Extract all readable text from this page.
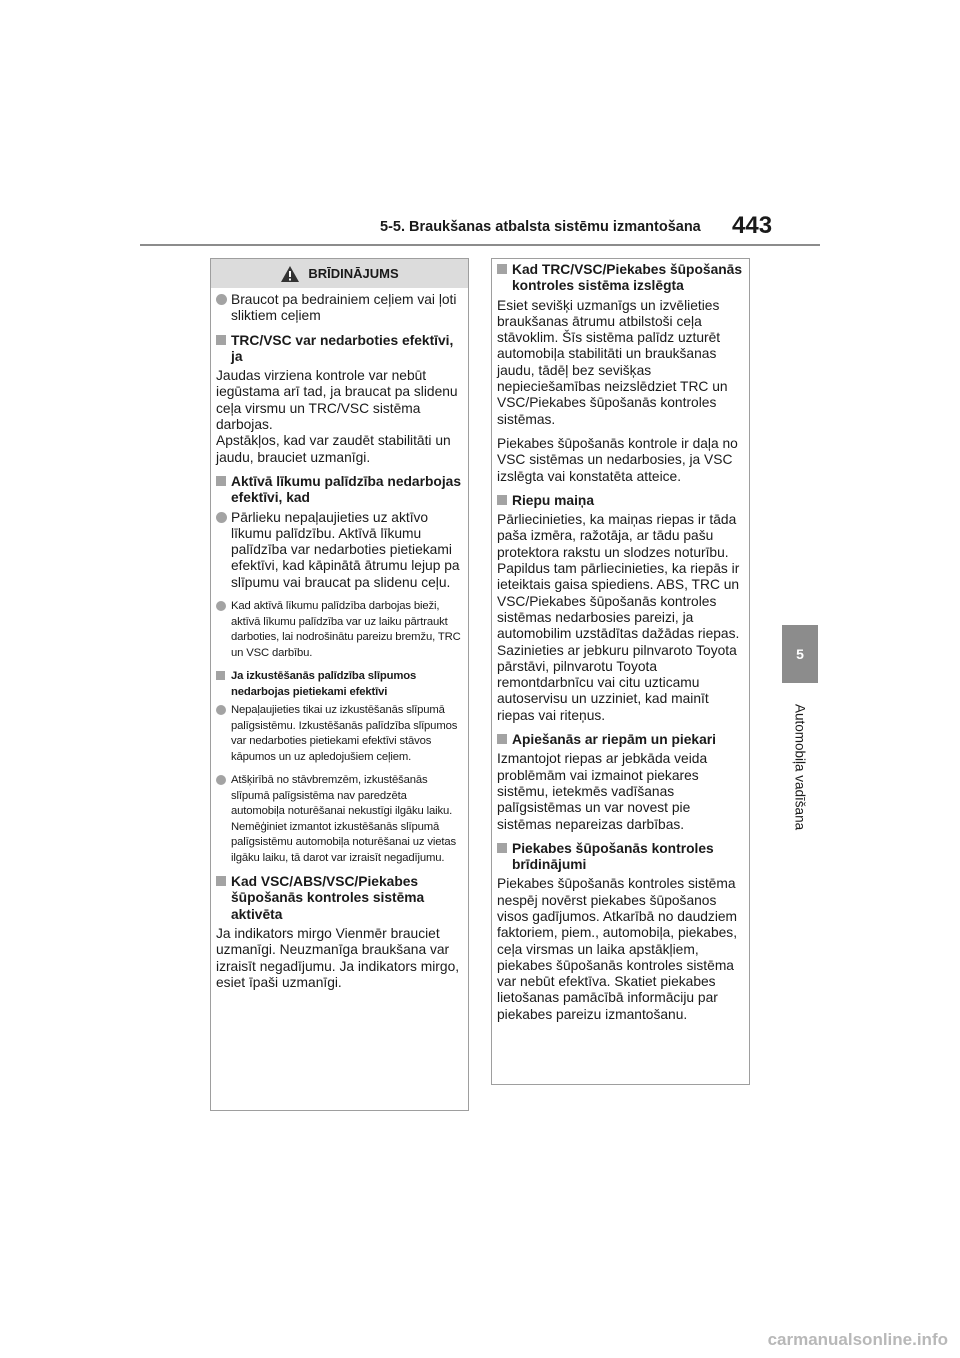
5-5. Braukšanas atbalsta sistēmu izmantošana 443
5
Automobiļa vadīšana
BRĪDINĀJUMS
Braucot pa bedrainiem ceļiem vai ļoti sliktiem ceļiem
TRC/VSC var nedarboties efektīvi, ja
Jaudas virziena kontrole var nebūt iegūstama arī tad, ja braucat pa slidenu ceļa virsmu un TRC/VSC sistēma darbojas.
Apstākļos, kad var zaudēt stabilitāti un jaudu, brauciet uzmanīgi.
Aktīvā līkumu palīdzība nedarbojas efektīvi, kad
Pārlieku nepaļaujieties uz aktīvo līkumu palīdzību. Aktīvā līkumu palīdzība var nedarboties pietiekami efektīvi, kad kāpinātā ātrumu lejup pa slīpumu vai braucat pa slidenu ceļu.
Kad aktīvā līkumu palīdzība darbojas bieži, aktīvā līkumu palīdzība var uz laiku pārtraukt darboties, lai nodrošinātu pareizu bremžu, TRC un VSC darbību.
Ja izkustēšanās palīdzība slīpumos nedarbojas pietiekami efektīvi
Nepaļaujieties tikai uz izkustēšanās slīpumā palīgsistēmu. Izkustēšanās palīdzība slīpumos var nedarboties pietiekami efektīvi stāvos kāpumos un uz apledojušiem ceļiem.
Atšķirībā no stāvbremzēm, izkustēšanās slīpumā palīgsistēma nav paredzēta automobiļa noturēšanai nekustīgi ilgāku laiku. Nemēģiniet izmantot izkustēšanās slīpumā palīgsistēmu automobiļa noturēšanai uz vietas ilgāku laiku, tā darot var izraisīt negadījumu.
Kad VSC/ABS/VSC/Piekabes šūpošanās kontroles sistēma aktivēta
Ja indikators mirgo Vienmēr brauciet uzmanīgi. Neuzmanīga braukšana var izraisīt negadījumu. Ja indikators mirgo, esiet īpaši uzmanīgi.
Kad TRC/VSC/Piekabes šūpošanās kontroles sistēma izslēgta
Esiet sevišķi uzmanīgs un izvēlieties braukšanas ātrumu atbilstoši ceļa stāvoklim. Šīs sistēma palīdz uzturēt automobiļa stabilitāti un braukšanas jaudu, tādēļ bez sevišķas nepieciešamības neizslēdziet TRC un VSC/Piekabes šūpošanās kontroles sistēmas.
Piekabes šūpošanās kontrole ir daļa no VSC sistēmas un nedarbosies, ja VSC izslēgta vai konstatēta atteice.
Riepu maiņa
Pārliecinieties, ka maiņas riepas ir tāda paša izmēra, ražotāja, ar tādu pašu protektora rakstu un slodzes noturību. Papildus tam pārliecinieties, ka riepās ir ieteiktais gaisa spiediens. ABS, TRC un VSC/Piekabes šūpošanās kontroles sistēmas nedarbosies pareizi, ja automobilim uzstādītas dažādas riepas.
Sazinieties ar jebkuru pilnvaroto Toyota pārstāvi, pilnvarotu Toyota remontdarbnīcu vai citu uzticamu autoservisu un uzziniet, kad mainīt riepas vai riteņus.
Apiešanās ar riepām un piekari
Izmantojot riepas ar jebkāda veida problēmām vai izmainot piekares sistēmu, ietekmēs vadīšanas palīgsistēmas un var novest pie sistēmas nepareizas darbības.
Piekabes šūpošanās kontroles brīdinājumi
Piekabes šūpošanās kontroles sistēma nespēj novērst piekabes šūpošanos visos gadījumos. Atkarībā no daudziem faktoriem, piem., automobiļa, piekabes, ceļa virsmas un laika apstākļiem, piekabes šūpošanās kontroles sistēma var nebūt efektīva. Skatiet piekabes lietošanas pamācībā informāciju par piekabes pareizu izmantošanu.
carmanualsonline.info
